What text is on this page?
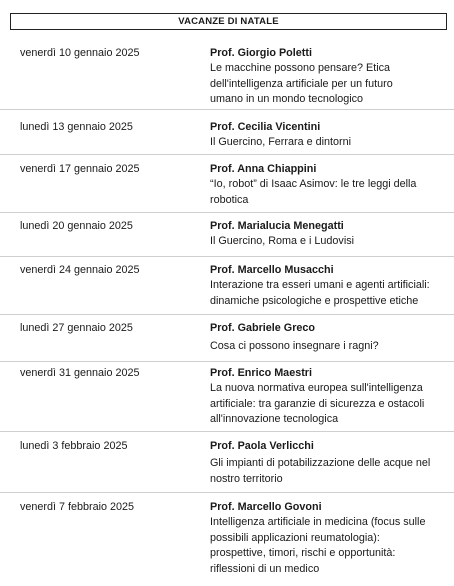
VACANZE DI NATALE
venerdì 10 gennaio 2025	Prof. Giorgio Poletti
Le macchine possono pensare? Etica
dell'intelligenza artificiale per un futuro
umano in un mondo tecnologico
lunedì 13 gennaio 2025	Prof. Cecilia Vicentini
Il Guercino, Ferrara e dintorni
venerdì 17 gennaio 2025	Prof. Anna Chiappini
“Io, robot” di Isaac Asimov: le tre leggi della
robotica
lunedì 20 gennaio 2025	Prof. Marialucia Menegatti
Il Guercino, Roma e i Ludovisi
venerdì 24 gennaio 2025	Prof. Marcello Musacchi
Interazione tra esseri umani e agenti artificiali:
dinamiche psicologiche e prospettive etiche
lunedì 27 gennaio 2025	Prof. Gabriele Greco
Cosa ci possono insegnare i ragni?
venerdì 31 gennaio 2025	Prof. Enrico Maestri
La nuova normativa europea sull'intelligenza
artificiale: tra garanzie di sicurezza e ostacoli
all'innovazione tecnologica
lunedì 3 febbraio 2025	Prof. Paola Verlicchi
Gli impianti di potabilizzazione delle acque nel
nostro territorio
venerdì 7 febbraio 2025	Prof. Marcello Govoni
Intelligenza artificiale in medicina (focus sulle
possibili applicazioni reumatologia):
prospettive, timori, rischi e opportunità:
riflessioni di un medico
